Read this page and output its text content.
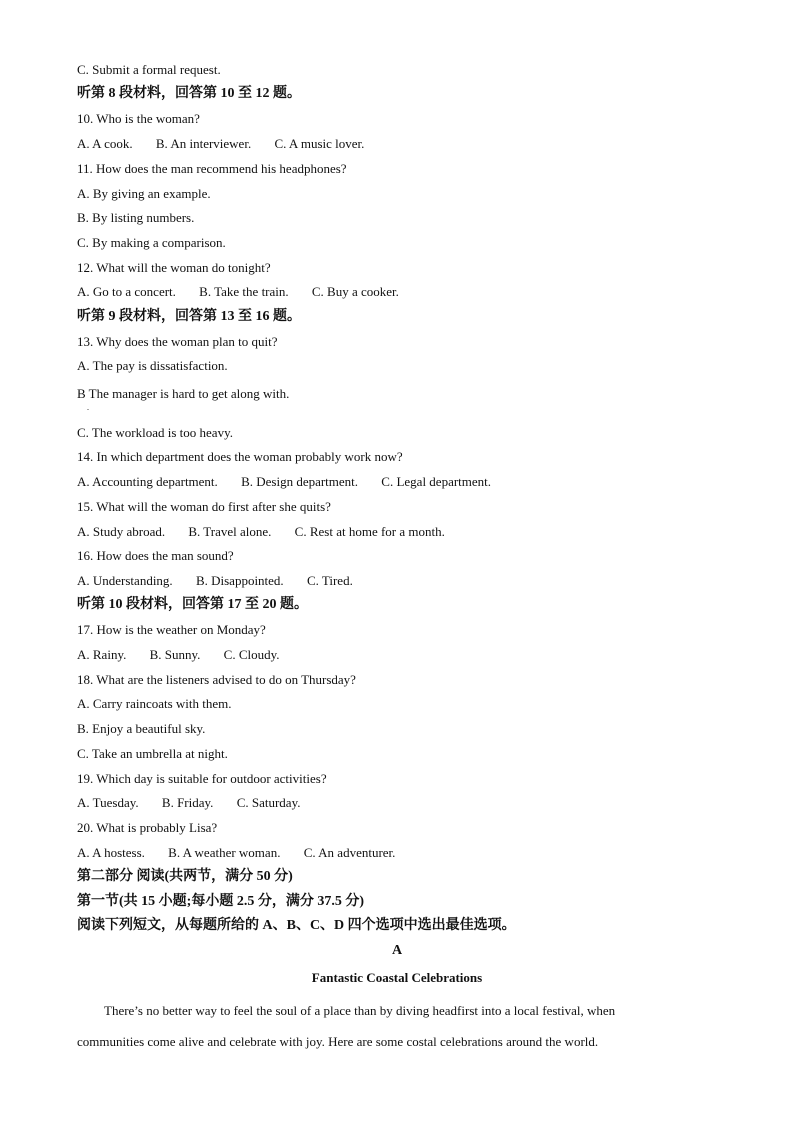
C. Submit a formal request.
听第 8 段材料，回答第 10 至 12 题。
10. Who is the woman?
A. A cook. B. An interviewer. C. A music lover.
11. How does the man recommend his headphones?
A. By giving an example.
B. By listing numbers.
C. By making a comparison.
12. What will the woman do tonight?
A. Go to a concert. B. Take the train. C. Buy a cooker.
听第 9 段材料，回答第 13 至 16 题。
13. Why does the woman plan to quit?
A. The pay is dissatisfaction.
B The manager is hard to get along with.
.
C. The workload is too heavy.
14. In which department does the woman probably work now?
A. Accounting department. B. Design department. C. Legal department.
15. What will the woman do first after she quits?
A. Study abroad. B. Travel alone. C. Rest at home for a month.
16. How does the man sound?
A. Understanding. B. Disappointed. C. Tired.
听第 10 段材料，回答第 17 至 20 题。
17. How is the weather on Monday?
A. Rainy. B. Sunny. C. Cloudy.
18. What are the listeners advised to do on Thursday?
A. Carry raincoats with them.
B. Enjoy a beautiful sky.
C. Take an umbrella at night.
19. Which day is suitable for outdoor activities?
A. Tuesday. B. Friday. C. Saturday.
20. What is probably Lisa?
A. A hostess. B. A weather woman. C. An adventurer.
第二部分 阅读(共两节，满分 50 分)
第一节(共 15 小题;每小题 2.5 分，满分 37.5 分)
阅读下列短文，从每题所给的 A、B、C、D 四个选项中选出最佳选项。
A
Fantastic Coastal Celebrations
There’s no better way to feel the soul of a place than by diving headfirst into a local festival, when
communities come alive and celebrate with joy. Here are some costal celebrations around the world.
